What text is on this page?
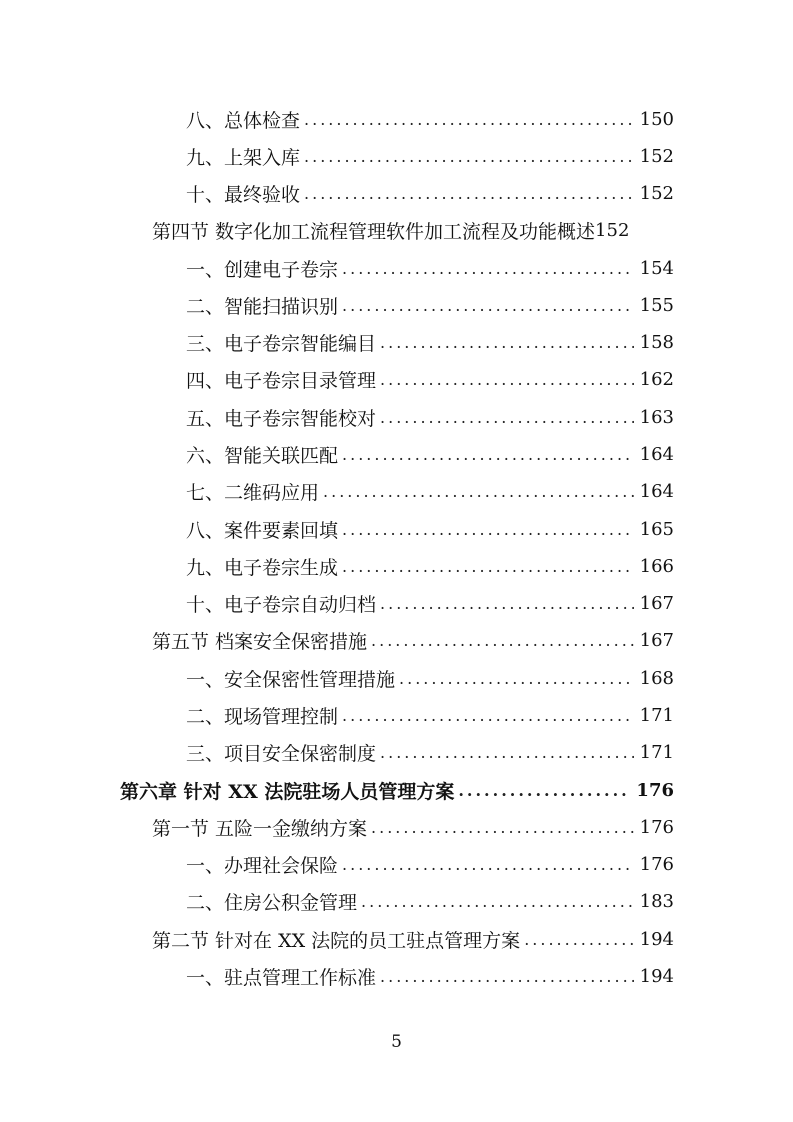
八、总体检查 .....	150
九、上架入库 .....	152
十、最终验收 .....	152
第四节 数字化加工流程管理软件加工流程及功能概述 152
一、创建电子卷宗 .....	154
二、智能扫描识别 .....	155
三、电子卷宗智能编目 .....	158
四、电子卷宗目录管理 .....	162
五、电子卷宗智能校对 .....	163
六、智能关联匹配 .....	164
七、二维码应用 .....	164
八、案件要素回填 .....	165
九、电子卷宗生成 .....	166
十、电子卷宗自动归档 .....	167
第五节 档案安全保密措施 .....	167
一、安全保密性管理措施 .....	168
二、现场管理控制 .....	171
三、项目安全保密制度 .....	171
第六章 针对 XX 法院驻场人员管理方案 .....	176
第一节 五险一金缴纳方案 .....	176
一、办理社会保险 .....	176
二、住房公积金管理 .....	183
第二节 针对在 XX 法院的员工驻点管理方案 .....	194
一、驻点管理工作标准 .....	194
5
